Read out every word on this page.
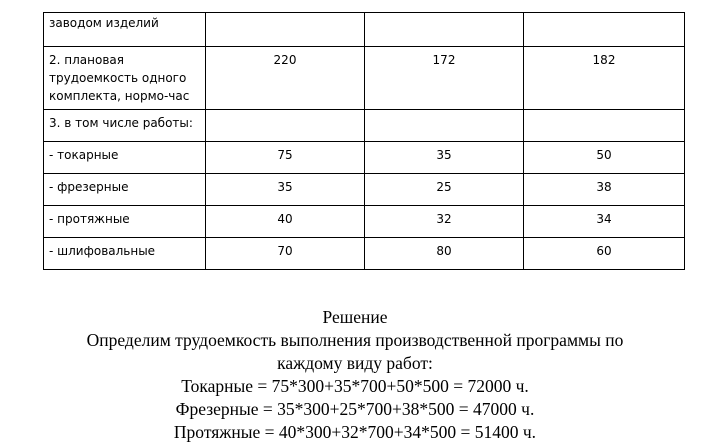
заводом изделий			
2. плановая трудоемкость одного комплекта, нормо-час	220	172	182
3. в том числе работы:			
- токарные	75	35	50
- фрезерные	35	25	38
- протяжные	40	32	34
- шлифовальные	70	80	60
Решение
Определим трудоемкость выполнения производственной программы по
каждому виду работ:
Токарные = 75*300+35*700+50*500 = 72000 ч.
Фрезерные = 35*300+25*700+38*500 = 47000 ч.
Протяжные = 40*300+32*700+34*500 = 51400 ч.
